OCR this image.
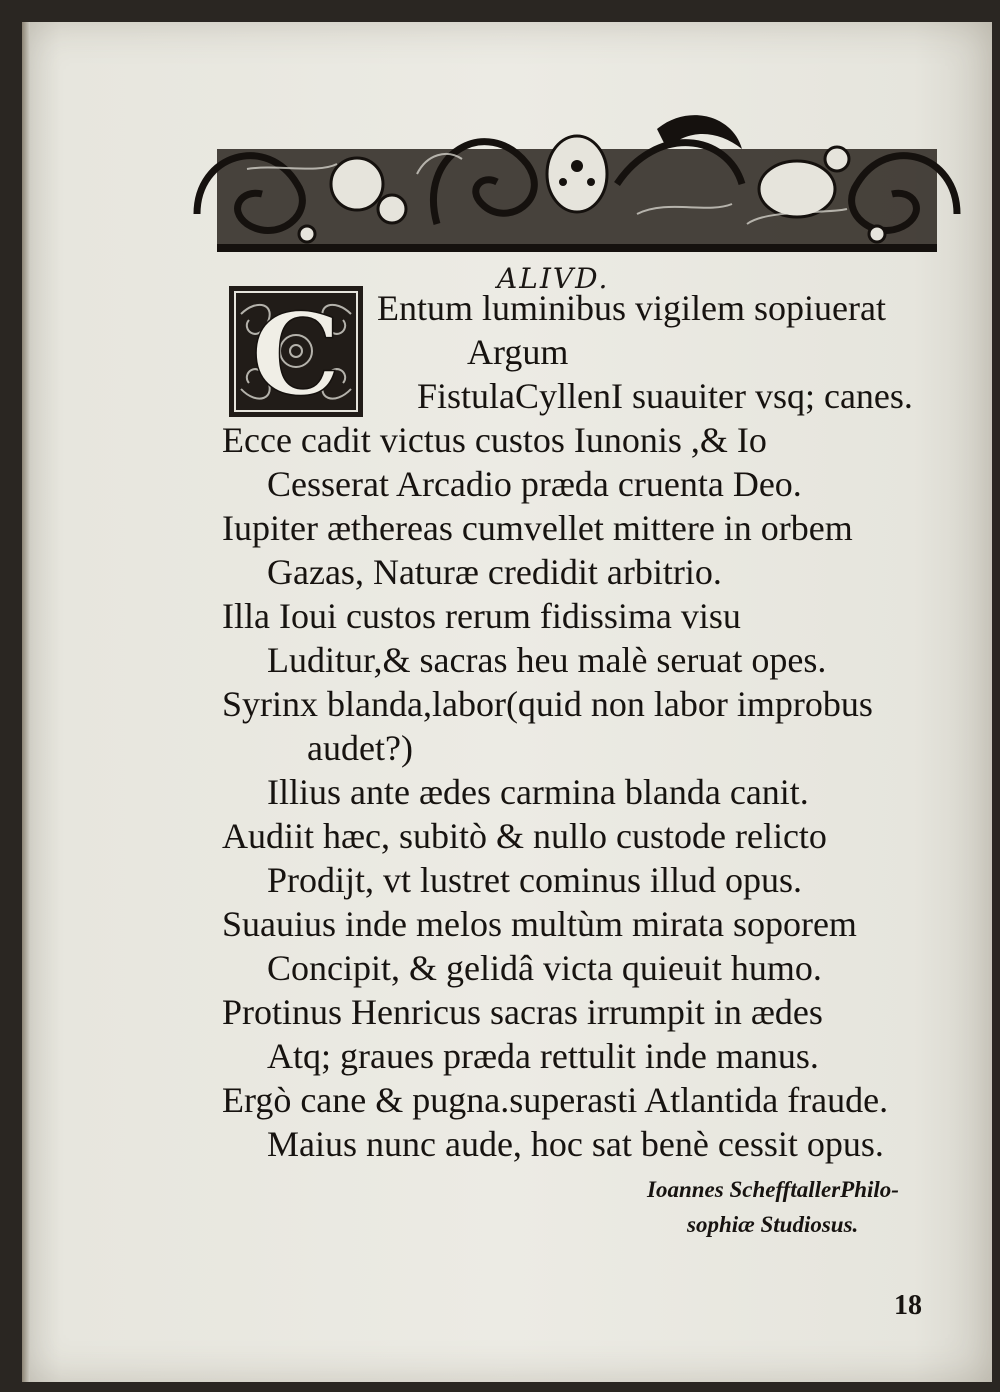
ALIVD.
C Entum luminibus vigilem sopiuerat

Argum

FistulaCyllenI suauiter vsq; canes.

Ecce cadit victus custos Iunonis ,& Io

Cesserat Arcadio præda cruenta Deo.

Iupiter æthereas cumvellet mittere in orbem

Gazas, Naturæ credidit arbitrio.

Illa Ioui custos rerum fidissima visu

Luditur,& sacras heu malè seruat opes.

Syrinx blanda,labor(quid non labor improbus

audet?)

Illius ante ædes carmina blanda canit.

Audiit hæc, subitò & nullo custode relicto

Prodijt, vt lustret cominus illud opus.

Suauius inde melos multùm mirata soporem

Concipit, & gelidâ victa quieuit humo.

Protinus Henricus sacras irrumpit in ædes

Atq; graues præda rettulit inde manus.

Ergò cane & pugna.superasti Atlantida fraude.

Maius nunc aude, hoc sat benè cessit opus.

Ioannes SchefftallerPhilo-

sophiæ Studiosus.

18
